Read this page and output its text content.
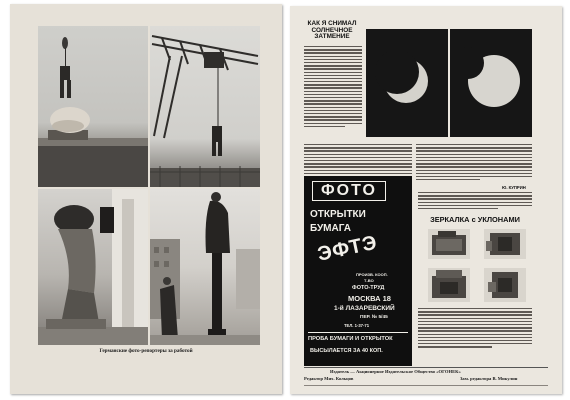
Германские фото-репортеры за работой
КАК Я СНИМАЛ СОЛНЕЧНОЕ ЗАТМЕНИЕ
Ю. КУПРИН
ФОТО
ОТКРЫТКИ
БУМАГА
ЭФТЭ
ПРОИЗВ. КООП.
Т-ВО
ФОТО-ТРУД
МОСКВА 18
1-й ЛАЗАРЕВСКИЙ
ПЕР. № 5/45
ТЕЛ. 1-37-71
ПРОБА БУМАГИ И ОТКРЫТОК
ВЫСЫЛАЕТСЯ ЗА 40 КОП.
ЗЕРКАЛКА с УКЛОНАМИ
Издатель — Акционерное Издательское Общество «ОГОНЕК»
Редактор Мих. Кольцов	Зам. редактора В. Микулин
